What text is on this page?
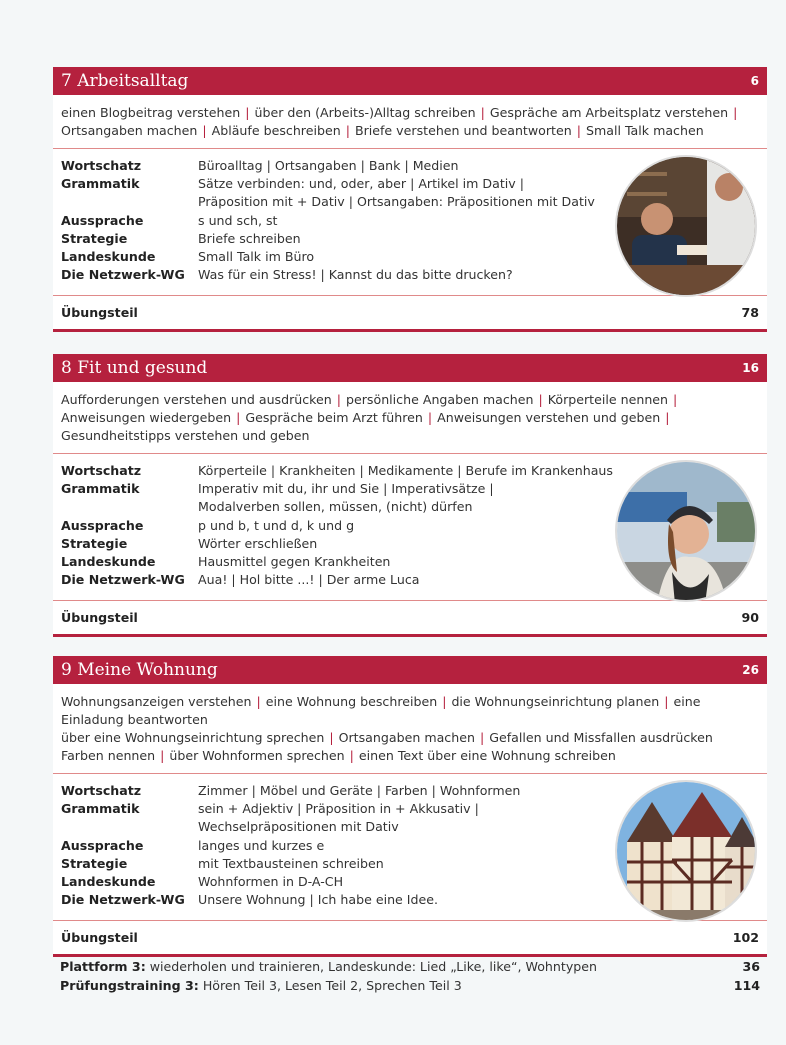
7 Arbeitsalltag	6
einen Blogbeitrag verstehen | über den (Arbeits-)Alltag schreiben | Gespräche am Arbeitsplatz verstehen |
Ortsangaben machen | Abläufe beschreiben | Briefe verstehen und beantworten | Small Talk machen
Wortschatz	Büroalltag | Ortsangaben | Bank | Medien
Grammatik	Sätze verbinden: und, oder, aber | Artikel im Dativ |
Präposition mit + Dativ | Ortsangaben: Präpositionen mit Dativ
Aussprache	s und sch, st
Strategie	Briefe schreiben
Landeskunde	Small Talk im Büro
Die Netzwerk-WG	Was für ein Stress! | Kannst du das bitte drucken?
Übungsteil	78
8 Fit und gesund	16
Aufforderungen verstehen und ausdrücken | persönliche Angaben machen | Körperteile nennen |
Anweisungen wiedergeben | Gespräche beim Arzt führen | Anweisungen verstehen und geben |
Gesundheitstipps verstehen und geben
Wortschatz	Körperteile | Krankheiten | Medikamente | Berufe im Krankenhaus
Grammatik	Imperativ mit du, ihr und Sie | Imperativsätze |
Modalverben sollen, müssen, (nicht) dürfen
Aussprache	p und b, t und d, k und g
Strategie	Wörter erschließen
Landeskunde	Hausmittel gegen Krankheiten
Die Netzwerk-WG	Aua! | Hol bitte ...! | Der arme Luca
Übungsteil	90
9 Meine Wohnung	26
Wohnungsanzeigen verstehen | eine Wohnung beschreiben | die Wohnungseinrichtung planen | eine Einladung beantworten
über eine Wohnungseinrichtung sprechen | Ortsangaben machen | Gefallen und Missfallen ausdrücken
Farben nennen | über Wohnformen sprechen | einen Text über eine Wohnung schreiben
Wortschatz	Zimmer | Möbel und Geräte | Farben | Wohnformen
Grammatik	sein + Adjektiv | Präposition in + Akkusativ |
Wechselpräpositionen mit Dativ
Aussprache	langes und kurzes e
Strategie	mit Textbausteinen schreiben
Landeskunde	Wohnformen in D-A-CH
Die Netzwerk-WG	Unsere Wohnung | Ich habe eine Idee.
Übungsteil	102
Plattform 3: wiederholen und trainieren, Landeskunde: Lied „Like, like“, Wohntypen	36
Prüfungstraining 3: Hören Teil 3, Lesen Teil 2, Sprechen Teil 3	114
